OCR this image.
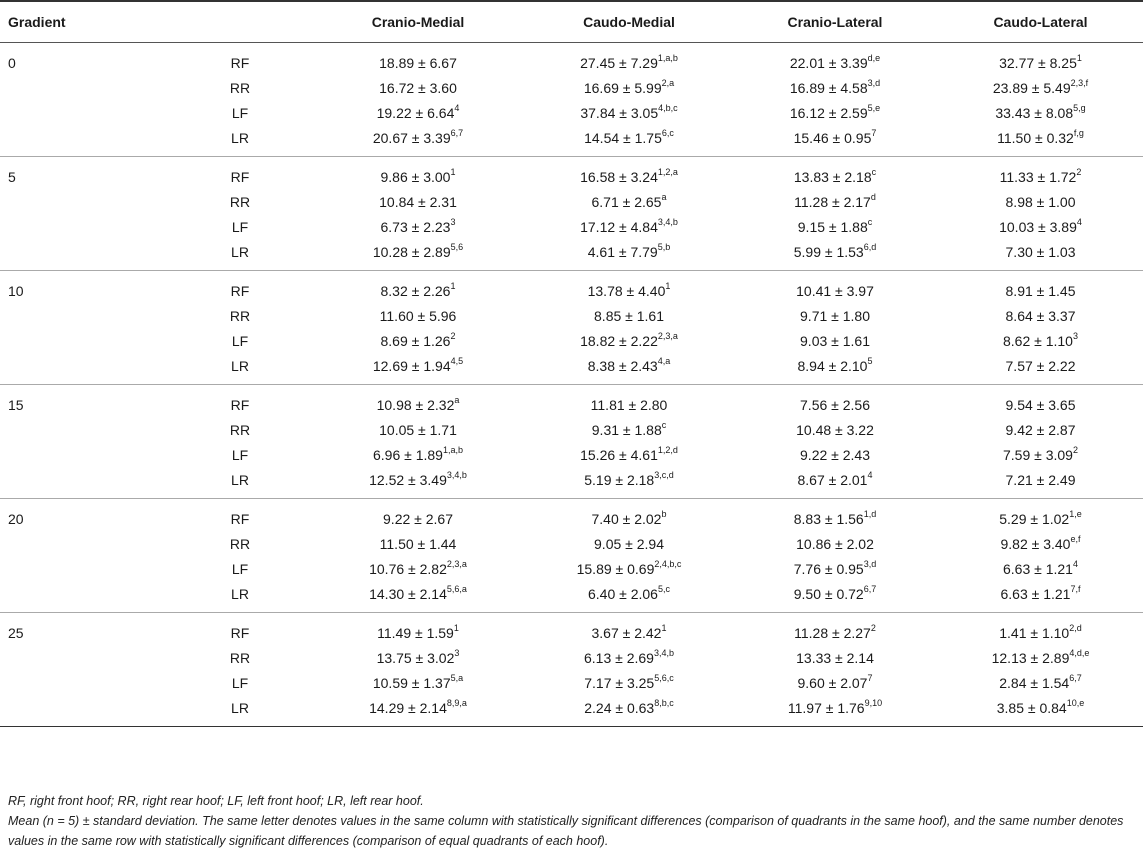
Gradient		Cranio-Medial	Caudo-Medial	Cranio-Lateral	Caudo-Lateral
0	RF	18.89 ± 6.67	$27.45 \pm 7.29^{1,a,b}$	$22.01 \pm 3.39^{d,e}$	$32.77 \pm 8.25^1$
	RR	16.72 ± 3.60	$16.69 \pm 5.99^{2,a}$	$16.89 \pm 4.58^{3,d}$	$23.89 \pm 5.49^{2,3,f}$
	LF	$19.22 \pm 6.64^4$	$37.84 \pm 3.05^{4,b,c}$	$16.12 \pm 2.59^{5,e}$	$33.43 \pm 8.08^{5,g}$
	LR	$20.67 \pm 3.39^{6,7}$	$14.54 \pm 1.75^{6,c}$	$15.46 \pm 0.95^7$	$11.50 \pm 0.32^{f,g}$
5	RF	$9.86 \pm 3.00^1$	$16.58 \pm 3.24^{1,2,a}$	13.83 ± 2.18$^c$	$11.33 \pm 1.72^2$
	RR	10.84 ± 2.31	6.71 ± 2.65$^a$	11.28 ± 2.17$^d$	8.98 ± 1.00
	LF	$6.73 \pm 2.23^3$	$17.12 \pm 4.84^{3,4,b}$	9.15 ± 1.88$^c$	$10.03 \pm 3.89^4$
	LR	$10.28 \pm 2.89^{5,6}$	$4.61 \pm 7.79^{5,b}$	$5.99 \pm 1.53^{6,d}$	7.30 ± 1.03
10	RF	$8.32 \pm 2.26^1$	$13.78 \pm 4.40^1$	10.41 ± 3.97	8.91 ± 1.45
	RR	11.60 ± 5.96	8.85 ± 1.61	9.71 ± 1.80	8.64 ± 3.37
	LF	$8.69 \pm 1.26^2$	$18.82 \pm 2.22^{2,3,a}$	9.03 ± 1.61	$8.62 \pm 1.10^3$
	LR	$12.69 \pm 1.94^{4,5}$	$8.38 \pm 2.43^{4,a}$	$8.94 \pm 2.10^5$	7.57 ± 2.22
15	RF	10.98 ± 2.32$^a$	11.81 ± 2.80	7.56 ± 2.56	9.54 ± 3.65
	RR	10.05 ± 1.71	9.31 ± 1.88$^c$	10.48 ± 3.22	9.42 ± 2.87
	LF	$6.96 \pm 1.89^{1,a,b}$	$15.26 \pm 4.61^{1,2,d}$	9.22 ± 2.43	$7.59 \pm 3.09^2$
	LR	$12.52 \pm 3.49^{3,4,b}$	$5.19 \pm 2.18^{3,c,d}$	$8.67 \pm 2.01^4$	7.21 ± 2.49
20	RF	9.22 ± 2.67	7.40 ± 2.02$^b$	$8.83 \pm 1.56^{1,d}$	$5.29 \pm 1.02^{1,e}$
	RR	11.50 ± 1.44	9.05 ± 2.94	10.86 ± 2.02	$9.82 \pm 3.40^{e,f}$
	LF	$10.76 \pm 2.82^{2,3,a}$	$15.89 \pm 0.69^{2,4,b,c}$	$7.76 \pm 0.95^{3,d}$	$6.63 \pm 1.21^4$
	LR	$14.30 \pm 2.14^{5,6,a}$	$6.40 \pm 2.06^{5,c}$	$9.50 \pm 0.72^{6,7}$	$6.63 \pm 1.21^{7,f}$
25	RF	$11.49 \pm 1.59^1$	$3.67 \pm 2.42^1$	$11.28 \pm 2.27^2$	$1.41 \pm 1.10^{2,d}$
	RR	$13.75 \pm 3.02^3$	$6.13 \pm 2.69^{3,4,b}$	13.33 ± 2.14	$12.13 \pm 2.89^{4,d,e}$
	LF	$10.59 \pm 1.37^{5,a}$	$7.17 \pm 3.25^{5,6,c}$	$9.60 \pm 2.07^7$	$2.84 \pm 1.54^{6,7}$
	LR	$14.29 \pm 2.14^{8,9,a}$	$2.24 \pm 0.63^{8,b,c}$	$11.97 \pm 1.76^{9,10}$	$3.85 \pm 0.84^{10,e}$

RF, right front hoof; RR, right rear hoof; LF, left front hoof; LR, left rear hoof.

Mean (n = 5) ± standard deviation. The same letter denotes values in the same column with statistically significant differences (comparison of quadrants in the same hoof), and the same number denotes values in the same row with statistically significant differences (comparison of equal quadrants of each hoof).
